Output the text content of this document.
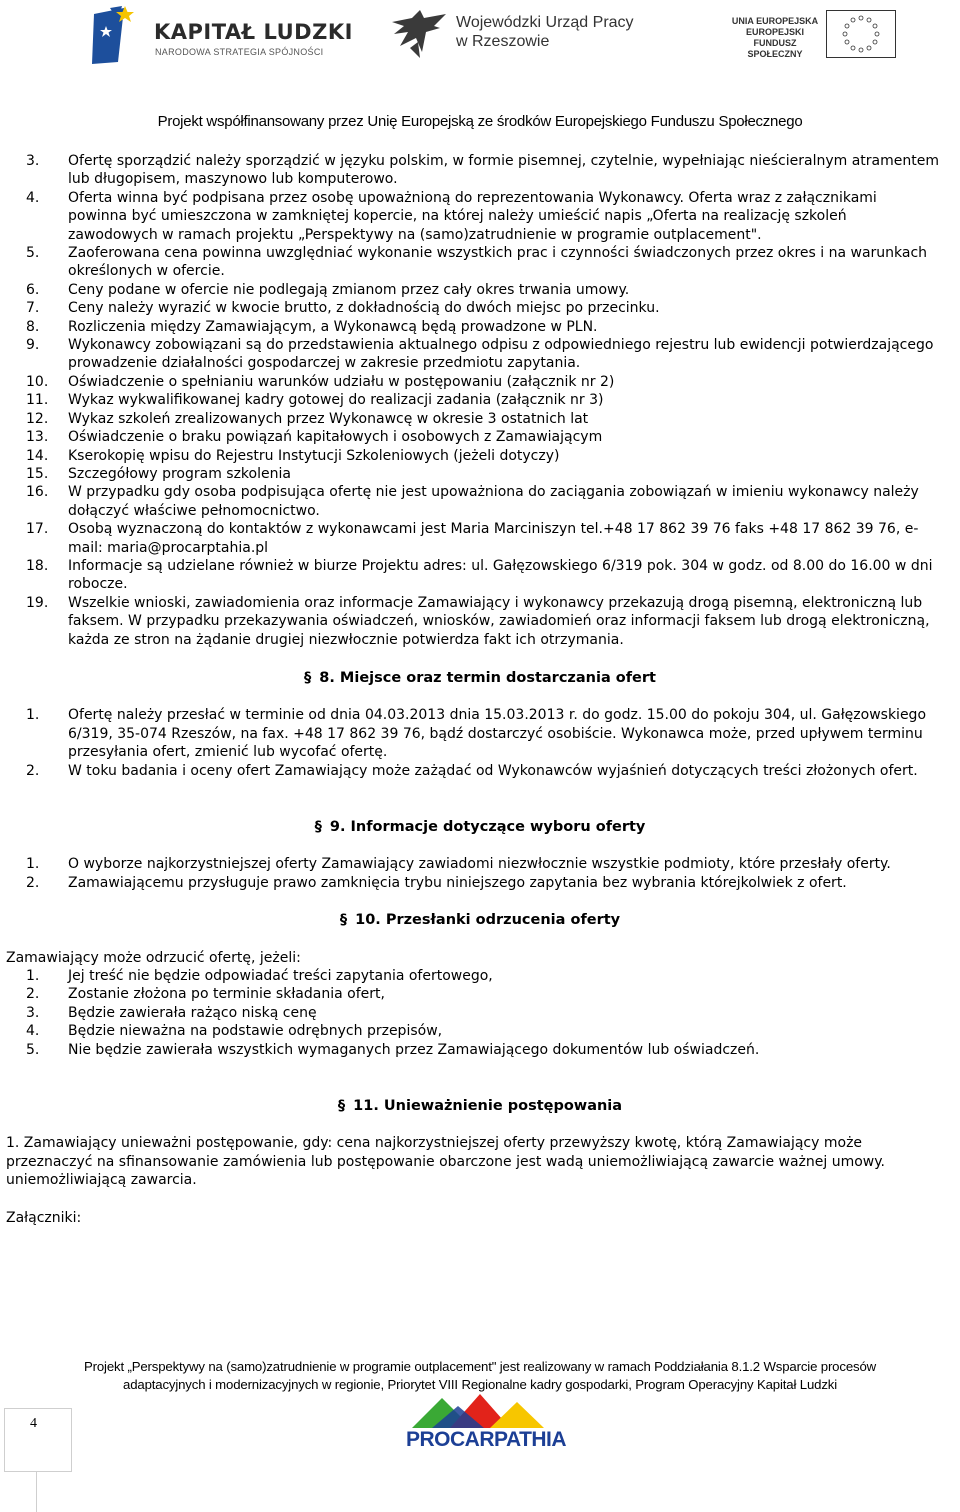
KAPITAŁ LUDZKI
NARODOWA STRATEGIA SPÓJNOŚCI
Wojewódzki Urząd Pracy
w Rzeszowie
UNIA EUROPEJSKA
EUROPEJSKI
FUNDUSZ SPOŁECZNY
Projekt współfinansowany przez Unię Europejską ze środków Europejskiego Funduszu Społecznego
3.	Ofertę sporządzić należy sporządzić w języku polskim, w formie pisemnej, czytelnie, wypełniając nieścieralnym atramentem lub długopisem, maszynowo lub komputerowo.
4.	Oferta winna być podpisana przez osobę upoważnioną do reprezentowania Wykonawcy. Oferta wraz z załącznikami powinna być umieszczona w zamkniętej kopercie, na której należy umieścić napis „Oferta na realizację szkoleń zawodowych w ramach projektu „Perspektywy na (samo)zatrudnienie w programie outplacement".
5.	Zaoferowana cena powinna uwzględniać wykonanie wszystkich prac i czynności świadczonych przez okres i na warunkach określonych w ofercie.
6.	Ceny podane w ofercie nie podlegają zmianom przez cały okres trwania umowy.
7.	Ceny należy wyrazić w kwocie brutto, z dokładnością do dwóch miejsc po przecinku.
8.	Rozliczenia między Zamawiającym, a Wykonawcą będą prowadzone w PLN.
9.	Wykonawcy zobowiązani są do przedstawienia aktualnego odpisu z odpowiedniego rejestru lub ewidencji potwierdzającego prowadzenie działalności gospodarczej w zakresie przedmiotu zapytania.
10.	Oświadczenie o spełnianiu warunków udziału w postępowaniu (załącznik nr 2)
11.	Wykaz wykwalifikowanej kadry gotowej do realizacji zadania (załącznik nr 3)
12.	Wykaz szkoleń zrealizowanych przez Wykonawcę w okresie 3 ostatnich lat
13.	Oświadczenie o braku powiązań kapitałowych i osobowych z Zamawiającym
14.	Kserokopię wpisu do Rejestru Instytucji Szkoleniowych (jeżeli dotyczy)
15.	Szczegółowy program szkolenia
16.	W przypadku gdy osoba podpisująca ofertę nie jest upoważniona do zaciągania zobowiązań w imieniu wykonawcy należy dołączyć właściwe pełnomocnictwo.
17.	Osobą wyznaczoną do kontaktów z wykonawcami jest Maria Marciniszyn tel.+48 17 862 39 76 faks +48 17 862 39 76, e-mail: maria@procarptahia.pl
18.	Informacje są udzielane również w biurze Projektu adres: ul. Gałęzowskiego 6/319 pok. 304 w godz. od 8.00 do 16.00 w dni robocze.
19.	Wszelkie wnioski, zawiadomienia oraz informacje Zamawiający i wykonawcy przekazują drogą pisemną, elektroniczną lub faksem. W przypadku przekazywania oświadczeń, wniosków, zawiadomień oraz informacji faksem lub drogą elektroniczną, każda ze stron na żądanie drugiej niezwłocznie potwierdza fakt ich otrzymania.

§ 8. Miejsce oraz termin dostarczania ofert

1.	Ofertę należy przesłać w terminie od dnia 04.03.2013 dnia 15.03.2013 r. do godz. 15.00 do pokoju 304, ul. Gałęzowskiego 6/319, 35-074 Rzeszów, na fax. +48 17 862 39 76, bądź dostarczyć osobiście. Wykonawca może, przed upływem terminu przesyłania ofert, zmienić lub wycofać ofertę.
2.	W toku badania i oceny ofert Zamawiający może zażądać od Wykonawców wyjaśnień dotyczących treści złożonych ofert.

§ 9. Informacje dotyczące wyboru oferty

1.	O wyborze najkorzystniejszej oferty Zamawiający zawiadomi niezwłocznie wszystkie podmioty, które przesłały oferty.
2.	Zamawiającemu przysługuje prawo zamknięcia trybu niniejszego zapytania bez wybrania którejkolwiek z ofert.

§ 10. Przesłanki odrzucenia oferty

Zamawiający może odrzucić ofertę, jeżeli:
1.	Jej treść nie będzie odpowiadać treści zapytania ofertowego,
2.	Zostanie złożona po terminie składania ofert,
3.	Będzie zawierała rażąco niską cenę
4.	Będzie nieważna na podstawie odrębnych przepisów,
5.	Nie będzie zawierała wszystkich wymaganych przez Zamawiającego dokumentów lub oświadczeń.

§ 11. Unieważnienie postępowania

1. Zamawiający unieważni postępowanie, gdy: cena najkorzystniejszej oferty przewyższy kwotę, którą Zamawiający może przeznaczyć na sfinansowanie zamówienia lub postępowanie obarczone jest wadą uniemożliwiającą zawarcie ważnej umowy. uniemożliwiającą zawarcia.
Załączniki:
Projekt „Perspektywy na (samo)zatrudnienie w programie outplacement" jest realizowany w ramach Poddziałania 8.1.2 Wsparcie procesów
adaptacyjnych i modernizacyjnych w regionie, Priorytet VIII Regionalne kadry gospodarki, Program Operacyjny Kapitał Ludzki
4
PROCARPATHIA
